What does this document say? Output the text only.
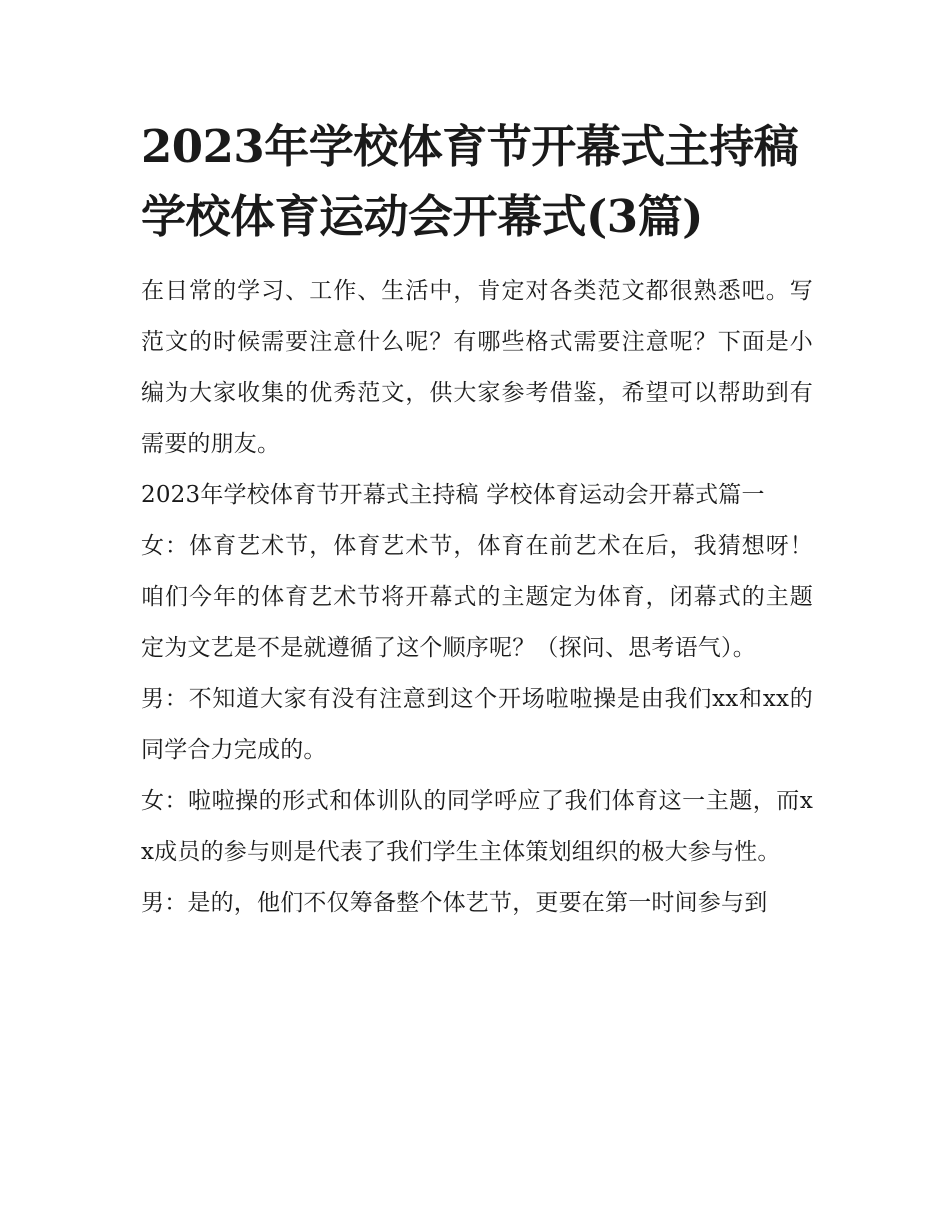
2023年学校体育节开幕式主持稿 学校体育运动会开幕式(3篇)

在日常的学习、工作、生活中，肯定对各类范文都很熟悉吧。写范文的时候需要注意什么呢？有哪些格式需要注意呢？下面是小编为大家收集的优秀范文，供大家参考借鉴，希望可以帮助到有需要的朋友。

2023年学校体育节开幕式主持稿 学校体育运动会开幕式篇一

女：体育艺术节，体育艺术节，体育在前艺术在后，我猜想呀！咱们今年的体育艺术节将开幕式的主题定为体育，闭幕式的主题定为文艺是不是就遵循了这个顺序呢？（探问、思考语气）。

男：不知道大家有没有注意到这个开场啦啦操是由我们xx和xx的同学合力完成的。

女：啦啦操的形式和体训队的同学呼应了我们体育这一主题，而xx成员的参与则是代表了我们学生主体策划组织的极大参与性。

男：是的，他们不仅筹备整个体艺节，更要在第一时间参与到
